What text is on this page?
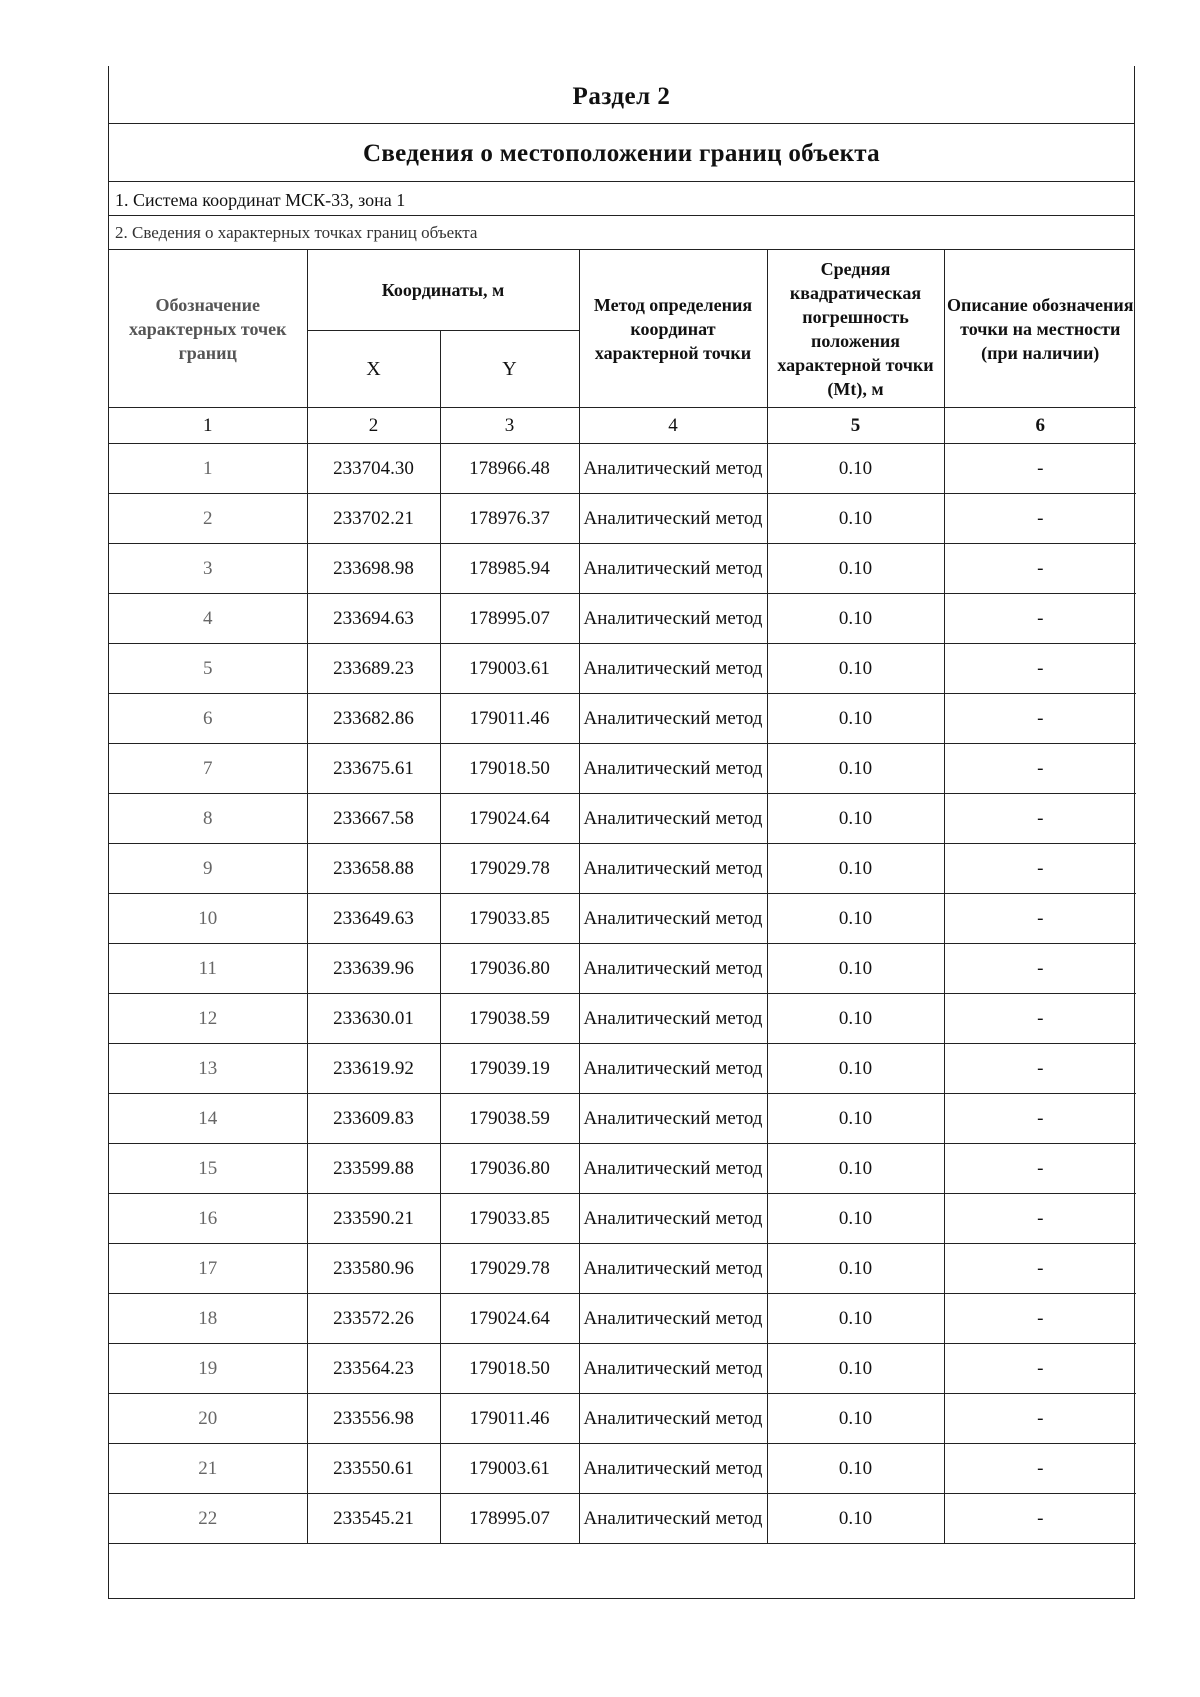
Раздел 2
Сведения о местоположении границ объекта
1. Система координат МСК-33, зона 1
2. Сведения о характерных точках границ объекта
Обозначение характерных точек границ	Координаты, м		Метод определения координат характерной точки	Средняя квадратическая погрешность положения характерной точки (Mt), м	Описание обозначения точки на местности (при наличии)
	X	Y			
1	2	3	4	5	6
1	233704.30	178966.48	Аналитический метод	0.10	-
2	233702.21	178976.37	Аналитический метод	0.10	-
3	233698.98	178985.94	Аналитический метод	0.10	-
4	233694.63	178995.07	Аналитический метод	0.10	-
5	233689.23	179003.61	Аналитический метод	0.10	-
6	233682.86	179011.46	Аналитический метод	0.10	-
7	233675.61	179018.50	Аналитический метод	0.10	-
8	233667.58	179024.64	Аналитический метод	0.10	-
9	233658.88	179029.78	Аналитический метод	0.10	-
10	233649.63	179033.85	Аналитический метод	0.10	-
11	233639.96	179036.80	Аналитический метод	0.10	-
12	233630.01	179038.59	Аналитический метод	0.10	-
13	233619.92	179039.19	Аналитический метод	0.10	-
14	233609.83	179038.59	Аналитический метод	0.10	-
15	233599.88	179036.80	Аналитический метод	0.10	-
16	233590.21	179033.85	Аналитический метод	0.10	-
17	233580.96	179029.78	Аналитический метод	0.10	-
18	233572.26	179024.64	Аналитический метод	0.10	-
19	233564.23	179018.50	Аналитический метод	0.10	-
20	233556.98	179011.46	Аналитический метод	0.10	-
21	233550.61	179003.61	Аналитический метод	0.10	-
22	233545.21	178995.07	Аналитический метод	0.10	-
